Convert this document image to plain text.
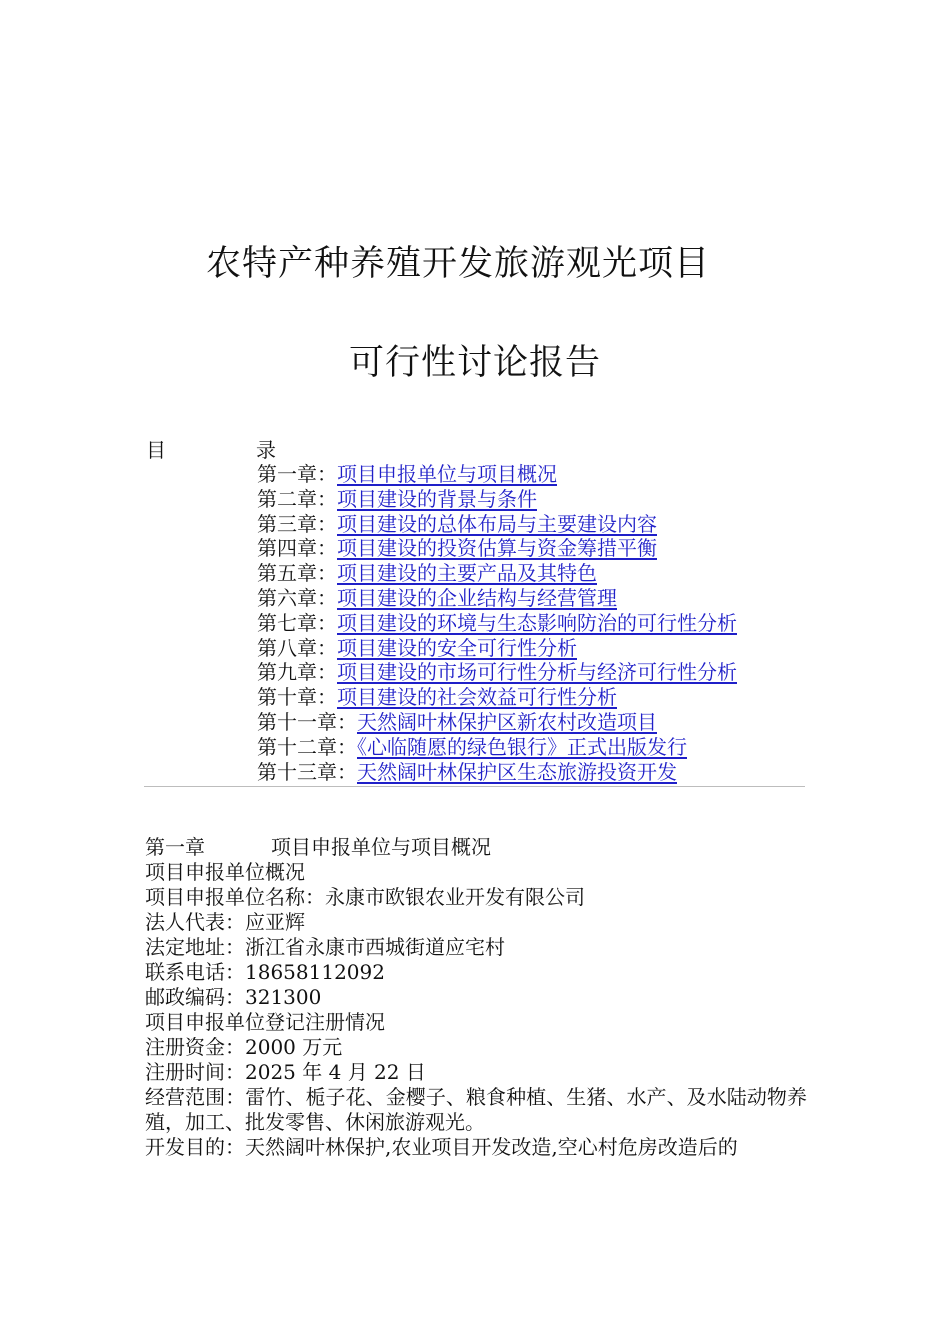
农特产种养殖开发旅游观光项目
可行性讨论报告
目	录
第一章：项目申报单位与项目概况
第二章：项目建设的背景与条件
第三章：项目建设的总体布局与主要建设内容
第四章：项目建设的投资估算与资金筹措平衡
第五章：项目建设的主要产品及其特色
第六章：项目建设的企业结构与经营管理
第七章：项目建设的环境与生态影响防治的可行性分析
第八章：项目建设的安全可行性分析
第九章：项目建设的市场可行性分析与经济可行性分析
第十章：项目建设的社会效益可行性分析
第十一章：天然阔叶林保护区新农村改造项目
第十二章：《心临随愿的绿色银行》正式出版发行
第十三章：天然阔叶林保护区生态旅游投资开发

第一章	项目申报单位与项目概况

项目申报单位概况

项目申报单位名称：永康市欧银农业开发有限公司

法人代表：应亚辉

法定地址：浙江省永康市西城街道应宅村

联系电话：18658112092

邮政编码：321300

项目申报单位登记注册情况

注册资金：2000 万元

注册时间：2025 年 4 月 22 日

经营范围：雷竹、栀子花、金樱子、粮食种植、生猪、水产、及水陆动物养殖，加工、批发零售、休闲旅游观光。

开发目的：天然阔叶林保护,农业项目开发改造,空心村危房改造后的
